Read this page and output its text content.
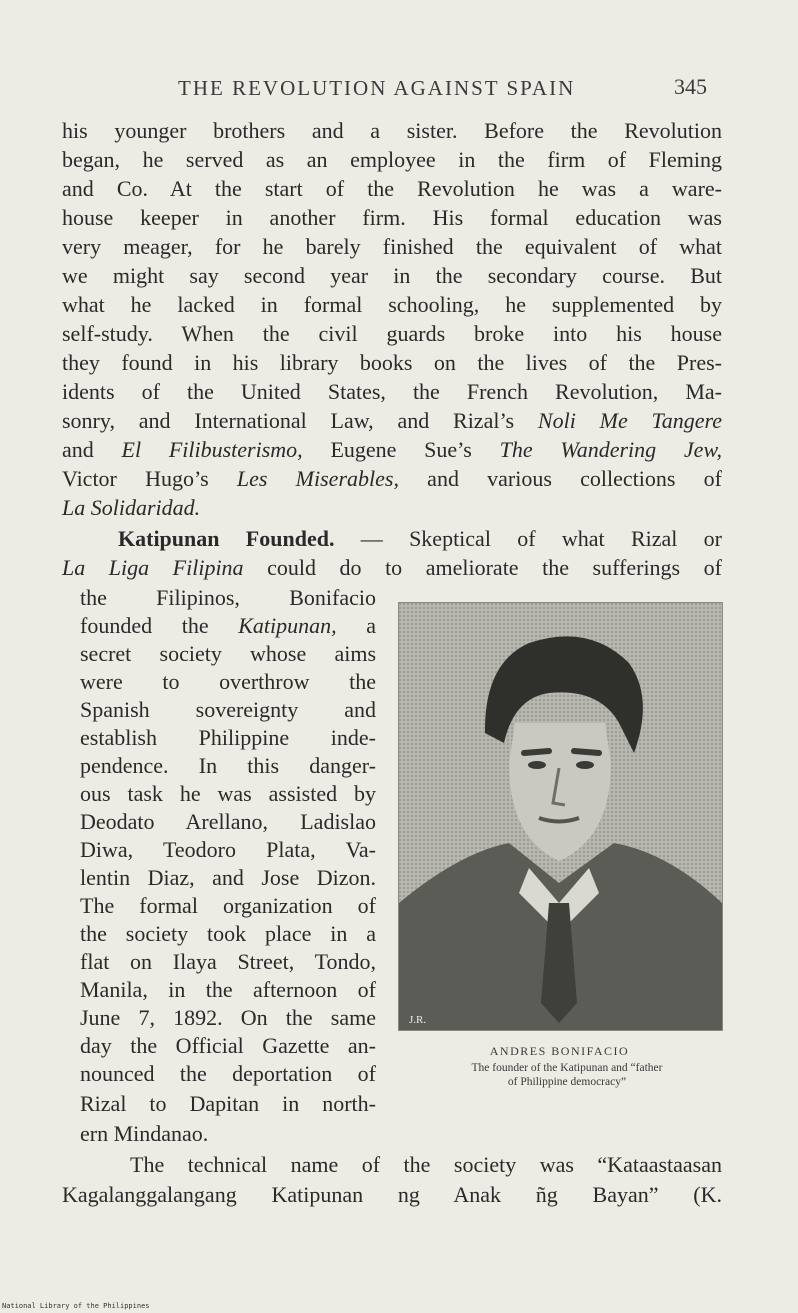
THE REVOLUTION AGAINST SPAIN	345
his younger brothers and a sister. Before the Revolution
began, he served as an employee in the firm of Fleming
and Co. At the start of the Revolution he was a ware-
house keeper in another firm. His formal education was
very meager, for he barely finished the equivalent of what
we might say second year in the secondary course. But
what he lacked in formal schooling, he supplemented by
self-study. When the civil guards broke into his house
they found in his library books on the lives of the Pres-
idents of the United States, the French Revolution, Ma-
sonry, and International Law, and Rizal’s Noli Me Tangere
and El Filibusterismo, Eugene Sue’s The Wandering Jew,
Victor Hugo’s Les Miserables, and various collections of
La Solidaridad.
Katipunan Founded. — Skeptical of what Rizal or
La Liga Filipina could do to ameliorate the sufferings of
the Filipinos, Bonifacio
founded the Katipunan, a
secret society whose aims
were to overthrow the
Spanish sovereignty and
establish Philippine inde-
pendence. In this danger-
ous task he was assisted by
Deodato Arellano, Ladislao
Diwa, Teodoro Plata, Va-
lentin Diaz, and Jose Dizon.
The formal organization of
the society took place in a
flat on Ilaya Street, Tondo,
Manila, in the afternoon of
June 7, 1892. On the same
day the Official Gazette an-
nounced the deportation of
Rizal to Dapitan in north-
ern Mindanao.
The technical name of the society was “Kataastaasan
Kagalanggalangang Katipunan ng Anak ñg Bayan” (K.
J.R.
ANDRES BONIFACIO
The founder of the Katipunan and “father
of Philippine democracy”
National Library of the Philippines
